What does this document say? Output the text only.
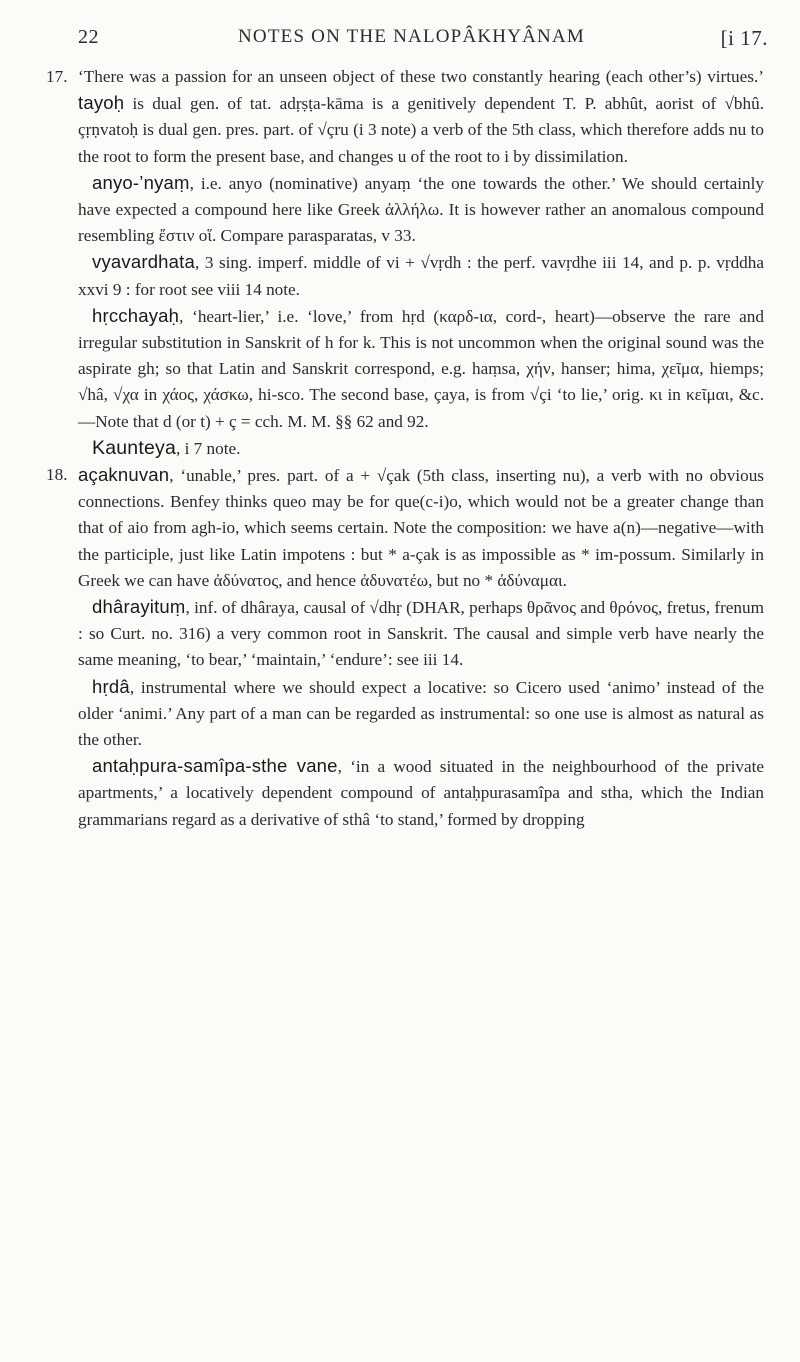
22	NOTES ON THE NALOPÂKHYÂNAM	[i 17.
17. ‘There was a passion for an unseen object of these two constantly hearing (each other’s) virtues.’ tayoḥ is dual gen. of tat. adṛṣṭa-kāma is a genitively dependent T. P. abhût, aorist of √bhû. çṛṇvatoḥ is dual gen. pres. part. of √çru (i 3 note) a verb of the 5th class, which therefore adds nu to the root to form the present base, and changes u of the root to i by dissimilation.

anyo-’nyaṃ, i.e. anyo (nominative) anyaṃ ‘the one towards the other.’ We should certainly have expected a compound here like Greek ἀλλήλω. It is however rather an anomalous compound resembling ἔστιν οἵ. Compare parasparatas, v 33.

vyavardhata, 3 sing. imperf. middle of vi + √vṛdh : the perf. vavṛdhe iii 14, and p. p. vṛddha xxvi 9 : for root see viii 14 note.

hṛcchayaḥ, ‘heart-lier,’ i.e. ‘love,’ from hṛd (καρδ-ια, cord-, heart)—observe the rare and irregular substitution in Sanskrit of h for k. This is not uncommon when the original sound was the aspirate gh; so that Latin and Sanskrit correspond, e.g. haṃsa, χήν, hanser; hima, χεῖμα, hiemps; √hâ, √χα in χάος, χάσκω, hi-sco. The second base, çaya, is from √çi ‘to lie,’ orig. κι in κεῖμαι, &c.—Note that d (or t) + ç = cch. M. M. §§ 62 and 92.

Kaunteya, i 7 note.

18. açaknuvan, ‘unable,’ pres. part. of a + √çak (5th class, inserting nu), a verb with no obvious connections. Benfey thinks queo may be for que(c-i)o, which would not be a greater change than that of aio from agh-io, which seems certain. Note the composition: we have a(n)—negative—with the participle, just like Latin impotens : but * a-çak is as impossible as * im-possum. Similarly in Greek we can have ἀδύνατος, and hence ἀδυνατέω, but no * ἀδύναμαι.

dhârayituṃ, inf. of dhâraya, causal of √dhṛ (DHAR, perhaps θρᾶνος and θρόνος, fretus, frenum : so Curt. no. 316) a very common root in Sanskrit. The causal and simple verb have nearly the same meaning, ‘to bear,’ ‘maintain,’ ‘endure’: see iii 14.

hṛdâ, instrumental where we should expect a locative: so Cicero used ‘animo’ instead of the older ‘animi.’ Any part of a man can be regarded as instrumental: so one use is almost as natural as the other.

antaḥpura-samîpa-sthe vane, ‘in a wood situated in the neighbourhood of the private apartments,’ a locatively dependent compound of antaḥpurasamîpa and stha, which the Indian grammarians regard as a derivative of sthâ ‘to stand,’ formed by dropping
